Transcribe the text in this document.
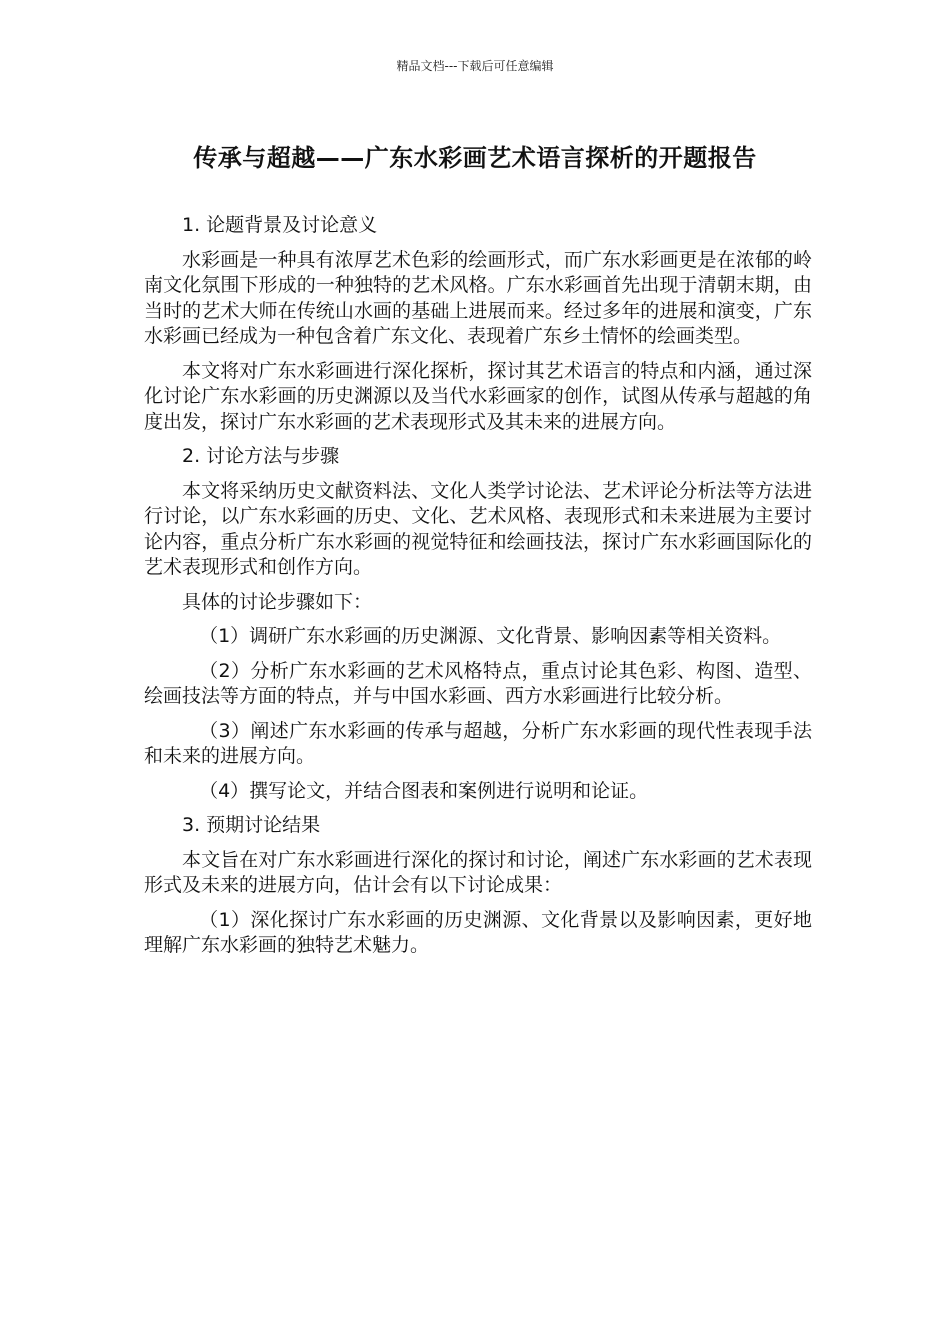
精品文档---下载后可任意编辑
传承与超越——广东水彩画艺术语言探析的开题报告

1. 论题背景及讨论意义

水彩画是一种具有浓厚艺术色彩的绘画形式，而广东水彩画更是在浓郁的岭南文化氛围下形成的一种独特的艺术风格。广东水彩画首先出现于清朝末期，由当时的艺术大师在传统山水画的基础上进展而来。经过多年的进展和演变，广东水彩画已经成为一种包含着广东文化、表现着广东乡土情怀的绘画类型。

本文将对广东水彩画进行深化探析，探讨其艺术语言的特点和内涵，通过深化讨论广东水彩画的历史渊源以及当代水彩画家的创作，试图从传承与超越的角度出发，探讨广东水彩画的艺术表现形式及其未来的进展方向。

2. 讨论方法与步骤

本文将采纳历史文献资料法、文化人类学讨论法、艺术评论分析法等方法进行讨论，以广东水彩画的历史、文化、艺术风格、表现形式和未来进展为主要讨论内容，重点分析广东水彩画的视觉特征和绘画技法，探讨广东水彩画国际化的艺术表现形式和创作方向。

具体的讨论步骤如下：

（1）调研广东水彩画的历史渊源、文化背景、影响因素等相关资料。

（2）分析广东水彩画的艺术风格特点，重点讨论其色彩、构图、造型、绘画技法等方面的特点，并与中国水彩画、西方水彩画进行比较分析。

（3）阐述广东水彩画的传承与超越，分析广东水彩画的现代性表现手法和未来的进展方向。

（4）撰写论文，并结合图表和案例进行说明和论证。

3. 预期讨论结果

本文旨在对广东水彩画进行深化的探讨和讨论，阐述广东水彩画的艺术表现形式及未来的进展方向，估计会有以下讨论成果：

（1）深化探讨广东水彩画的历史渊源、文化背景以及影响因素，更好地理解广东水彩画的独特艺术魅力。
